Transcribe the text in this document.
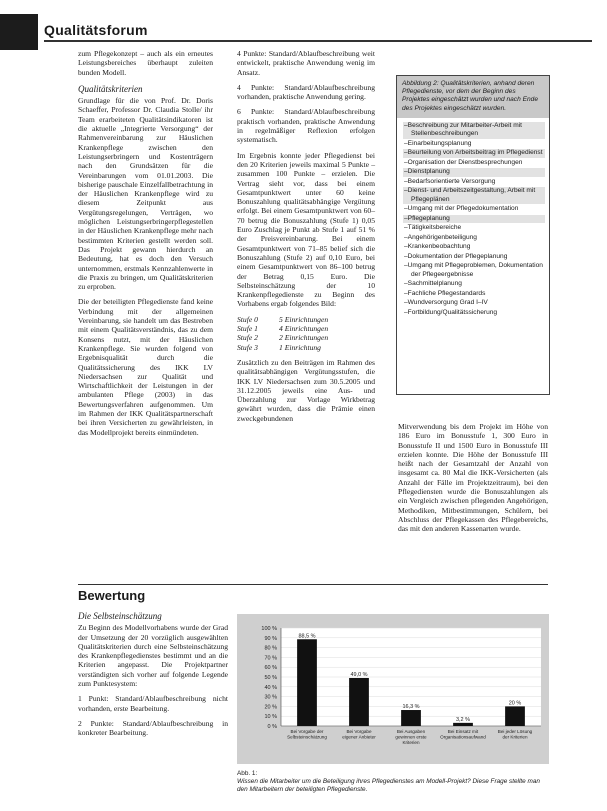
Qualitätsforum

zum Pflegekonzept – auch als ein erneutes Leistungsbereiches überhaupt zuleiten bunden Modell.

Qualitätskriterien

Grundlage für die von Prof. Dr. Doris Schaeffer, Professor Dr. Claudia Stolle/ ihr Team erarbeiteten Qualitätsindikatoren ist die aktuelle „Integrierte Versorgung“ der Rahmenvereinbarung zur Häuslichen Krankenpflege zwischen den Leistungserbringern und Kostenträgern nach den Grundsätzen für die Vereinbarungen vom 01.01.2003. Die bisherige pauschale Einzelfallbetrachtung in der Häuslichen Krankenpflege wird zu diesem Zeitpunkt aus Vergütungsregelungen, Verträgen, wo möglichen Leistungserbringerpflegestellen in der Häuslichen Krankenpflege mehr nach bestimmten Kriterien gestellt werden soll. Das Projekt gewann hierdurch an Bedeutung, hat es doch den Versuch unternommen, erstmals Kennzahlenwerte in die Praxis zu bringen, um Qualitätskriterien zu erproben.

Die der beteiligten Pflegedienste fand keine Verbindung mit der allgemeinen Vereinbarung, sie handelt um das Bestreben mit einem Qualitätsverständnis, das zu dem Konsens nutzt, mit der Häuslichen Krankenpflege. Sie wurden folgend von Ergebnisqualität durch die Qualitätssicherung des IKK LV Niedersachsen zur Qualität und Wirtschaftlichkeit der Leistungen in der ambulanten Pflege (2003) in das Bewertungsverfahren aufgenommen. Um im Rahmen der IKK Qualitätspartnerschaft bei ihren Versicherten zu gewährleisten, in das Modellprojekt bereits einmündeten.

4 Punkte: Standard/Ablaufbeschreibung weit entwickelt, praktische Anwendung wenig im Ansatz.

4 Punkte: Standard/Ablaufbeschreibung vorhanden, praktische Anwendung gering.

6 Punkte: Standard/Ablaufbeschreibung praktisch vorhanden, praktische Anwendung in regelmäßiger Reflexion erfolgen systematisch.

Im Ergebnis konnte jeder Pflegedienst bei den 20 Kriterien jeweils maximal 5 Punkte – zusammen 100 Punkte – erzielen. Die Vertrag sieht vor, dass bei einem Gesamtpunktwert unter 60 keine Bonuszahlung qualitätsabhängige Vergütung erfolgt. Bei einem Gesamtpunktwert von 60–70 betrug die Bonuszahlung (Stufe 1) 0,05 Euro Zuschlag je Punkt ab Stufe 1 auf 51 % der Preisvereinbarung. Bei einem Gesamtpunktwert von 71–85 belief sich die Bonuszahlung (Stufe 2) auf 0,10 Euro, bei einem Gesamtpunktwert von 86–100 betrug der Betrag 0,15 Euro. Die Selbsteinschätzung der 10 Krankenpflegedienste zu Beginn des Vorhabens ergab folgendes Bild:

Stufe 0	5 Einrichtungen
Stufe 1	4 Einrichtungen
Stufe 2	2 Einrichtungen
Stufe 3	1 Einrichtung

Zusätzlich zu den Beiträgen im Rahmen des qualitätsabhängigen Vergütungsstufen, die IKK LV Niedersachsen zum 30.5.2005 und 31.12.2005 jeweils eine Aus- und Überzahlung zur Vorlage Wirkbetrag gewährt wurden, dass die Prämie einen zweckgebundenen

Abbildung 2: Qualitätskriterien, anhand deren Pflegedienste, vor dem der Beginn des Projektes eingeschätzt wurden und nach Ende des Projektes eingeschätzt wurden.
– Beschreibung zur Mitarbeiter-Arbeit mit Stellenbeschreibungen
– Einarbeitungsplanung
– Beurteilung von Arbeitsbeitrag im Pflegedienst
– Organisation der Dienstbesprechungen
– Dienstplanung
– Bedarfsorientierte Versorgung
– Dienst- und Arbeitszeitgestaltung, Arbeit mit Pflegeplänen
– Umgang mit der Pflegedokumentation
– Pflegeplanung
– Tätigkeitsbereiche
– Angehörigenbeteiligung
– Krankenbeobachtung
– Dokumentation der Pflegeplanung
– Umgang mit Pflegeproblemen, Dokumentation der Pflegeergebnisse
– Sachmittelplanung
– Fachliche Pflegestandards
– Wundversorgung Grad I–IV
– Fortbildung/Qualitätssicherung

Mitverwendung bis dem Projekt im Höhe von 186 Euro im Bonusstufe 1, 300 Euro in Bonusstufe II und 1500 Euro in Bonusstufe III erzielen konnte. Die Höhe der Bonusstufe III heißt nach der Gesamtzahl der Anzahl von insgesamt ca. 80 Mal die IKK-Versicherten (als Anzahl der Fälle im Projektzeitraum), bei den Pflegediensten wurde die Bonuszahlungen als ein Vergleich zwischen pflegenden Angehörigen, Methodiken, Mitbestimmungen, Schülern, bei Abschluss der Pflegekassen des Pflegebereichs, das mit den anderen Kassenarten wurde.

Bewertung
Die Selbsteinschätzung

Zu Beginn des Modellvorhabens wurde der Grad der Umsetzung der 20 vorzüglich ausgewählten Qualitätskriterien durch eine Selbsteinschätzung des Krankenpflegedienstes bestimmt und an die Kriterien angepasst. Die Projektpartner verständigten sich vorher auf folgende Legende zum Punktesystem:

1 Punkt: Standard/Ablaufbeschreibung nicht vorhanden, erste Bearbeitung.

2 Punkte: Standard/Ablaufbeschreibung in konkreter Bearbeitung.

0 %
10 %
20 %
30 %
40 %
50 %
60 %
70 %
80 %
90 %
100 %
88,5 %
Bei Vorgabe der Selbsteinschätzung
49,0 %
Bei Vorgabe eigener Anbieter
16,3 %
Bei Ausgaben gewinnen erste Kriterien
3,2 %
Bei Einsatz mit Organisationsaufwand
20 %
Bei jeder Lösung der Kriterien
Abb. 1:
Wissen die Mitarbeiter um die Beteiligung ihres Pflegedienstes am Modell-Projekt? Diese Frage stellte man den Mitarbeitern der beteiligten Pflegedienste.
